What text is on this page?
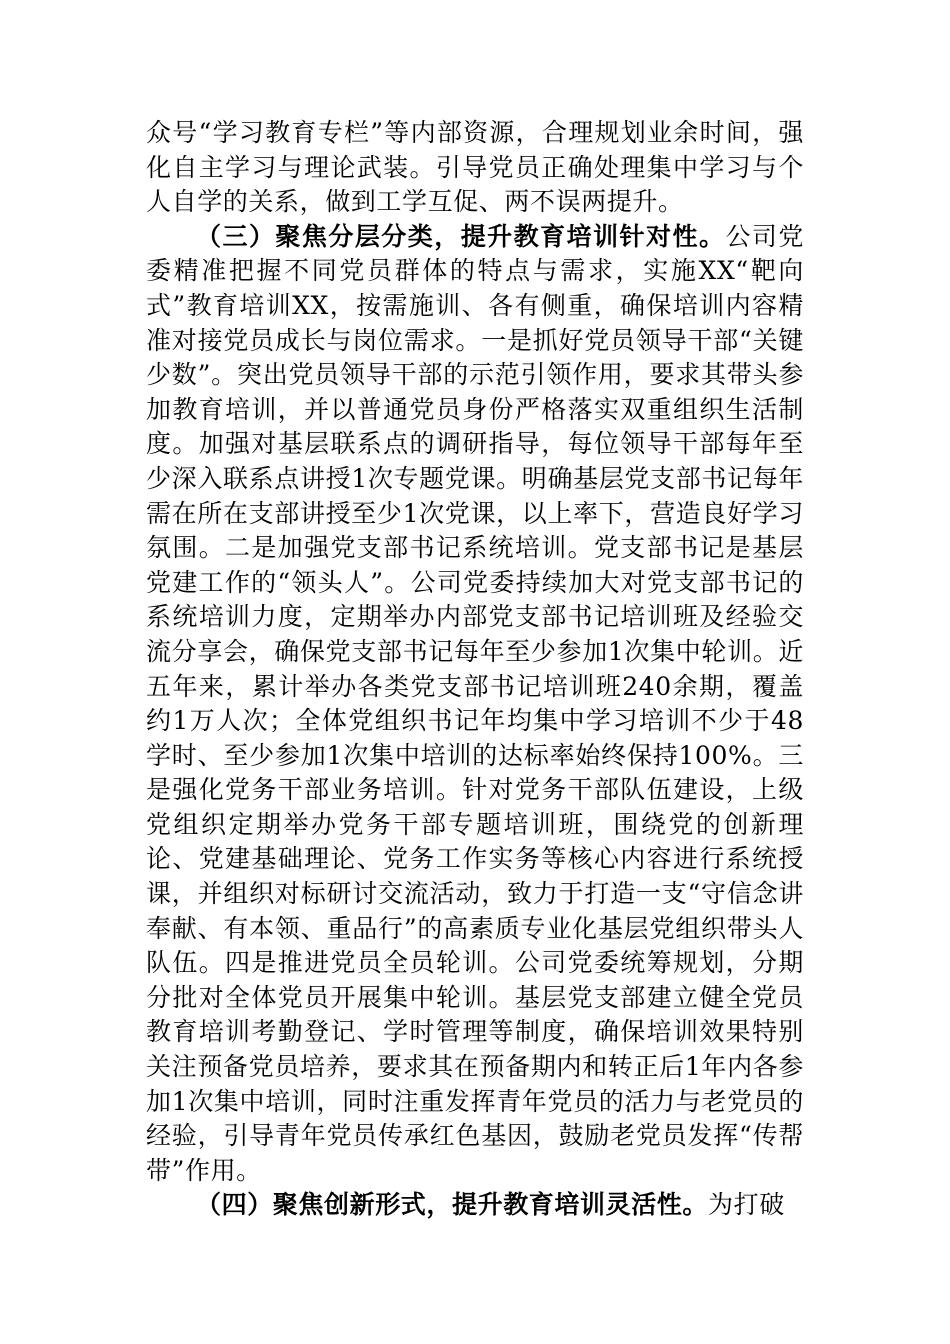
众号“学习教育专栏”等内部资源，合理规划业余时间，强化自主学习与理论武装。引导党员正确处理集中学习与个人自学的关系，做到工学互促、两不误两提升。

（三）聚焦分层分类，提升教育培训针对性。公司党委精准把握不同党员群体的特点与需求，实施XX“靶向式”教育培训XX，按需施训、各有侧重，确保培训内容精准对接党员成长与岗位需求。一是抓好党员领导干部“关键少数”。突出党员领导干部的示范引领作用，要求其带头参加教育培训，并以普通党员身份严格落实双重组织生活制度。加强对基层联系点的调研指导，每位领导干部每年至少深入联系点讲授1次专题党课。明确基层党支部书记每年需在所在支部讲授至少1次党课，以上率下，营造良好学习氛围。二是加强党支部书记系统培训。党支部书记是基层党建工作的“领头人”。公司党委持续加大对党支部书记的系统培训力度，定期举办内部党支部书记培训班及经验交流分享会，确保党支部书记每年至少参加1次集中轮训。近五年来，累计举办各类党支部书记培训班240余期，覆盖约1万人次；全体党组织书记年均集中学习培训不少于48学时、至少参加1次集中培训的达标率始终保持100%。三是强化党务干部业务培训。针对党务干部队伍建设，上级党组织定期举办党务干部专题培训班，围绕党的创新理论、党建基础理论、党务工作实务等核心内容进行系统授课，并组织对标研讨交流活动，致力于打造一支“守信念讲奉献、有本领、重品行”的高素质专业化基层党组织带头人队伍。四是推进党员全员轮训。公司党委统筹规划，分期分批对全体党员开展集中轮训。基层党支部建立健全党员教育培训考勤登记、学时管理等制度，确保培训效果特别关注预备党员培养，要求其在预备期内和转正后1年内各参加1次集中培训，同时注重发挥青年党员的活力与老党员的经验，引导青年党员传承红色基因，鼓励老党员发挥“传帮带”作用。

（四）聚焦创新形式，提升教育培训灵活性。为打破
